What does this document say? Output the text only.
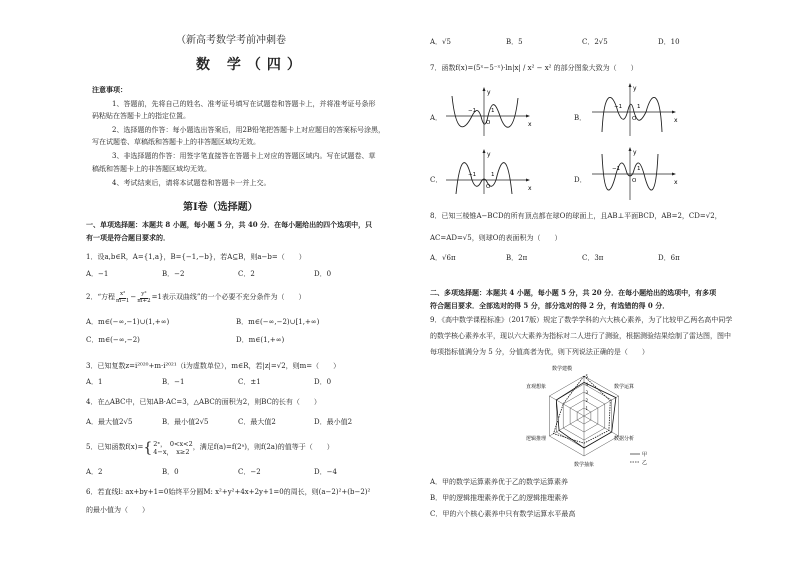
（新高考数学考前冲刺卷
数 学（四）
注意事项：
1、答题前，先将自己的姓名、准考证号填写在试题卷和答题卡上，并将准考证号条形
码粘贴在答题卡上的指定位置。
2、选择题的作答：每小题选出答案后，用2B铅笔把答题卡上对应题目的答案标号涂黑，
写在试题卷、草稿纸和答题卡上的非答题区域均无效。
3、非选择题的作答：用签字笔直接答在答题卡上对应的答题区域内。写在试题卷、草
稿纸和答题卡上的非答题区域均无效。
4、考试结束后，请将本试题卷和答题卡一并上交。
第Ⅰ卷（选择题）
一、单项选择题：本题共 8 小题，每小题 5 分，共 40 分．在每小题给出的四个选项中，只
有一项是符合题目要求的．
1．设a,b∈R，A={1,a}，B={−1,−b}，若A⊆B，则a−b=（　　）
A．−1	B．−2	C．2	D．0
2．“方程 $\frac{\text{x²}}{m-1} - \frac{\text{y²}}{m+2} =1$表示双曲线”的一个必要不充分条件为（　　）
A．m∈(−∞,−1)∪(1,+∞)	B．m∈(−∞,−2)∪[1,+∞)
C．m∈(−∞,−2)	D．m∈(1,+∞)
3．已知复数z=i²⁰²⁰+m·i²⁰²¹（i为虚数单位），m∈R，若|z|=√2，则m=（　　）
A．1	B．−1	C．±1	D．0
4．在△ABC中，已知AB·AC=3，△ABC的面积为2，则BC的长有（　　）
A．最大值2√5	B．最小值2√5	C．最大值2	D．最小值2
5．已知函数f(x)= { 2ˣ，　0<x<2
4−x，　x≥2
，满足f(a)=f(2ᵃ)，则f(2a)的值等于（　　）
A．2	B．0	C．−2	D．−4
6．若直线l: ax+by+1=0始终平分圆M: x²+y²+4x+2y+1=0的周长，则(a−2)²+(b−2)²
的最小值为（　　）
A．√5	B．5	C．2√5	D．10
7．函数f(x)=(5ˣ−5⁻ˣ)·ln|x| / x² − x² 的部分图象大致为（　　）
A．	B．
C．	D．
x
y
O
−1	1
x
y
O
−1	1
x
y
O
−1	1
x
y
O
−1	1
8．已知三棱锥A−BCD的所有顶点都在球O的球面上，且AB⊥平面BCD，AB=2，CD=√2，
AC=AD=√5，则球O的表面积为（　　）
A．√6π	B．2π	C．3π	D．6π
二、多项选择题：本题共 4 小题，每小题 5 分，共 20 分．在每小题给出的选项中，有多项
符合题目要求．全部选对的得 5 分，部分选对的得 2 分，有选错的得 0 分．
9．《高中数学课程标准》（2017版）规定了数学学科的六大核心素养，为了比较甲乙两名高中同学
的数学核心素养水平，现以六大素养为指标对二人进行了测验，根据测验结果绘制了雷达图，图中
每项指标值满分为 5 分，分值高者为优，则下列说法正确的是（　　）
1
2
3
4
5
数学建模
数学运算
数据分析
数学抽象
逻辑推理
直观想象
甲
乙
A．甲的数学运算素养优于乙的数学运算素养
B．甲的逻辑推理素养优于乙的逻辑推理素养
C．甲的六个核心素养中只有数学运算水平最高
